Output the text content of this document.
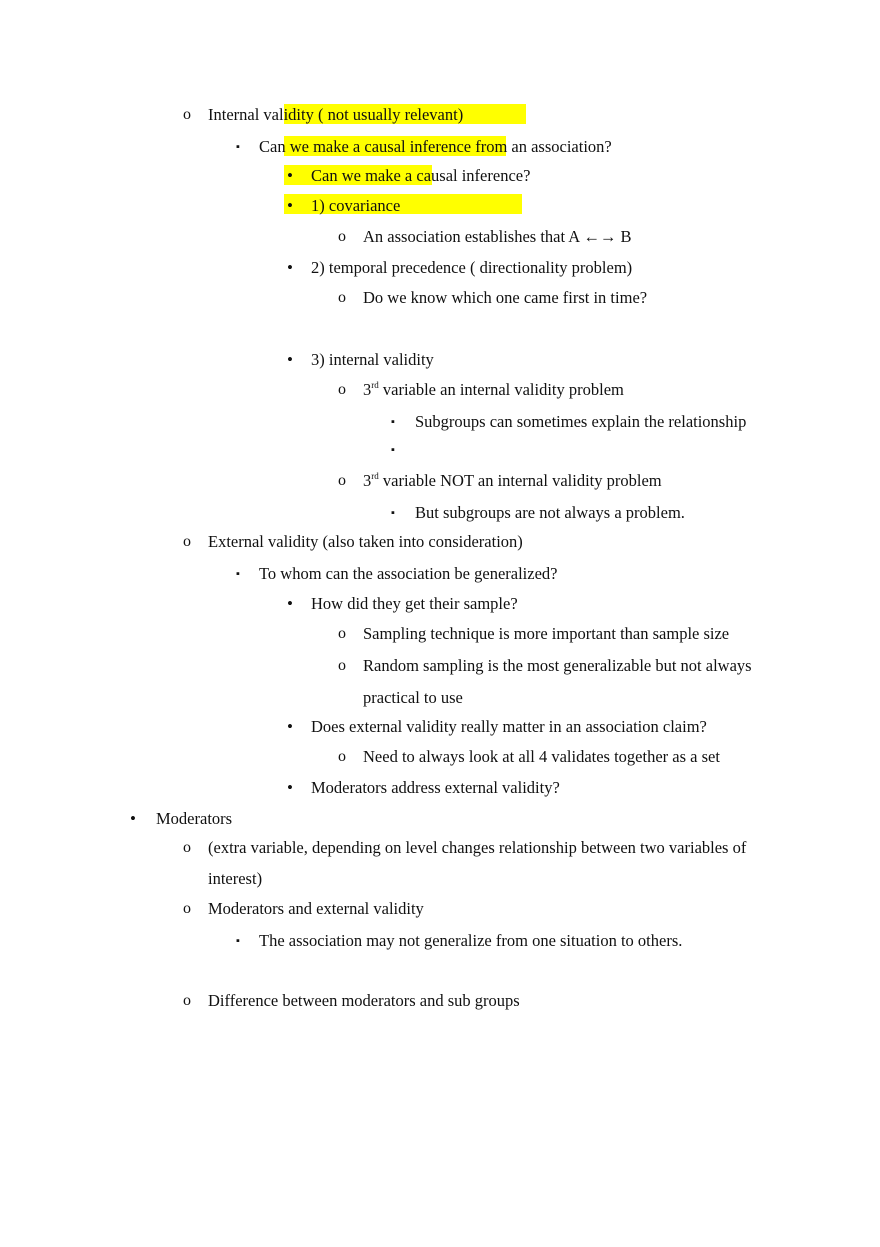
o Internal validity ( not usually relevant)
▪	Can we make a causal inference from an association?
• Can we make a causal inference?
• 1) covariance
o An association establishes that A ←→ B
• 2) temporal precedence ( directionality problem)
o Do we know which one came first in time?
• 3) internal validity
o 3rd variable an internal validity problem
▪	Subgroups can sometimes explain the relationship
▪
o 3rd variable NOT an internal validity problem
▪	But subgroups are not always a problem.
o External validity (also taken into consideration)
▪	To whom can the association be generalized?
• How did they get their sample?
o Sampling technique is more important than sample size
o Random sampling is the most generalizable but not always
practical to use
• Does external validity really matter in an association claim?
o Need to always look at all 4 validates together as a set
• Moderators address external validity?
• Moderators
o (extra variable, depending on level changes relationship between two variables of
interest)
o Moderators and external validity
▪	The association may not generalize from one situation to others.
o Difference between moderators and sub groups
